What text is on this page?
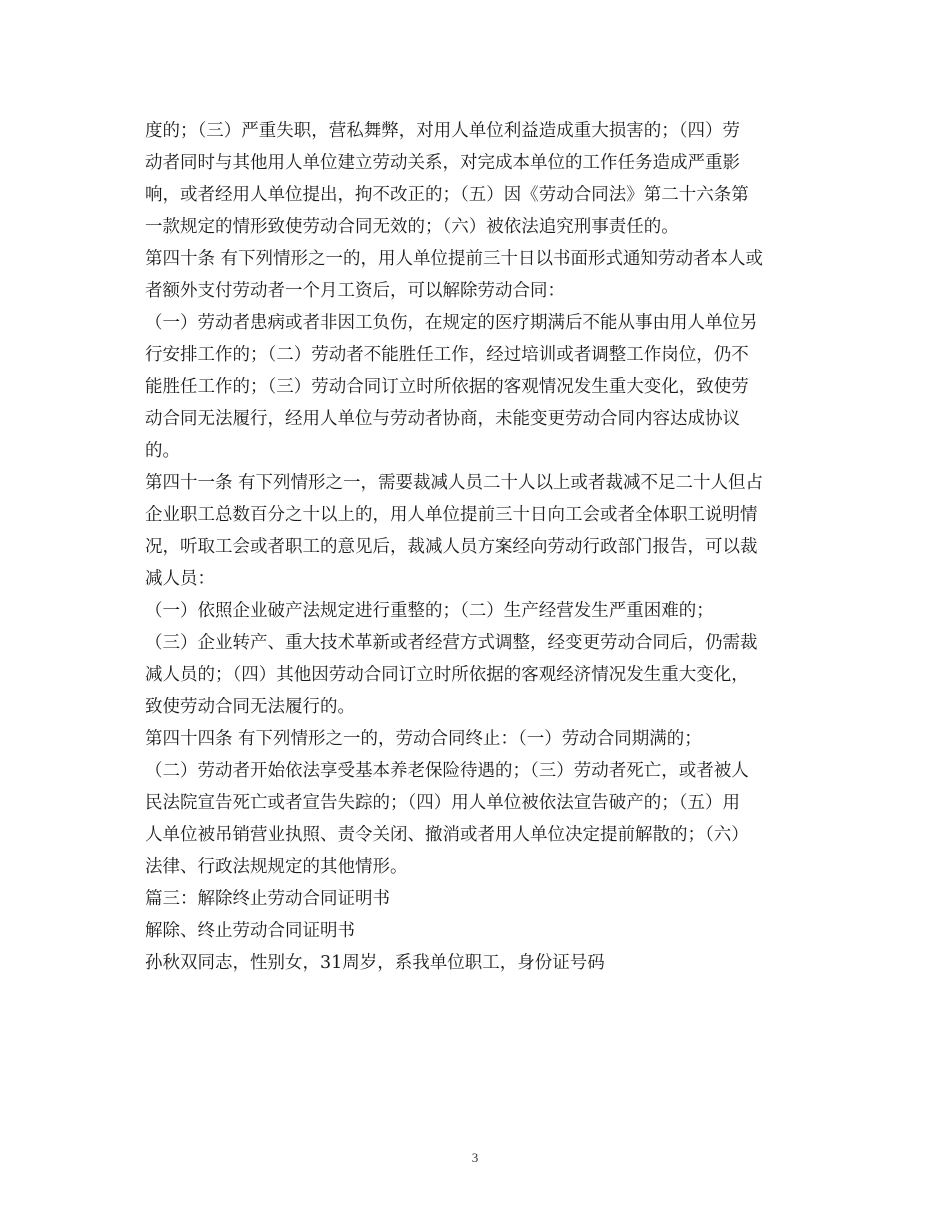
度的；（三）严重失职，营私舞弊，对用人单位利益造成重大损害的；（四）劳
动者同时与其他用人单位建立劳动关系，对完成本单位的工作任务造成严重影
响，或者经用人单位提出，拘不改正的；（五）因《劳动合同法》第二十六条第
一款规定的情形致使劳动合同无效的；（六）被依法追究刑事责任的。
第四十条 有下列情形之一的，用人单位提前三十日以书面形式通知劳动者本人或
者额外支付劳动者一个月工资后，可以解除劳动合同：
（一）劳动者患病或者非因工负伤，在规定的医疗期满后不能从事由用人单位另
行安排工作的；（二）劳动者不能胜任工作，经过培训或者调整工作岗位，仍不
能胜任工作的；（三）劳动合同订立时所依据的客观情况发生重大变化，致使劳
动合同无法履行，经用人单位与劳动者协商，未能变更劳动合同内容达成协议
的。
第四十一条 有下列情形之一，需要裁减人员二十人以上或者裁减不足二十人但占
企业职工总数百分之十以上的，用人单位提前三十日向工会或者全体职工说明情
况，听取工会或者职工的意见后，裁减人员方案经向劳动行政部门报告，可以裁
减人员：
（一）依照企业破产法规定进行重整的；（二）生产经营发生严重困难的；
（三）企业转产、重大技术革新或者经营方式调整，经变更劳动合同后，仍需裁
减人员的；（四）其他因劳动合同订立时所依据的客观经济情况发生重大变化，
致使劳动合同无法履行的。
第四十四条 有下列情形之一的，劳动合同终止：（一）劳动合同期满的；
（二）劳动者开始依法享受基本养老保险待遇的；（三）劳动者死亡，或者被人
民法院宣告死亡或者宣告失踪的；（四）用人单位被依法宣告破产的；（五）用
人单位被吊销营业执照、责令关闭、撤消或者用人单位决定提前解散的；（六）
法律、行政法规规定的其他情形。
篇三：解除终止劳动合同证明书
解除、终止劳动合同证明书
孙秋双同志，性别女，31周岁，系我单位职工，身份证号码
3
